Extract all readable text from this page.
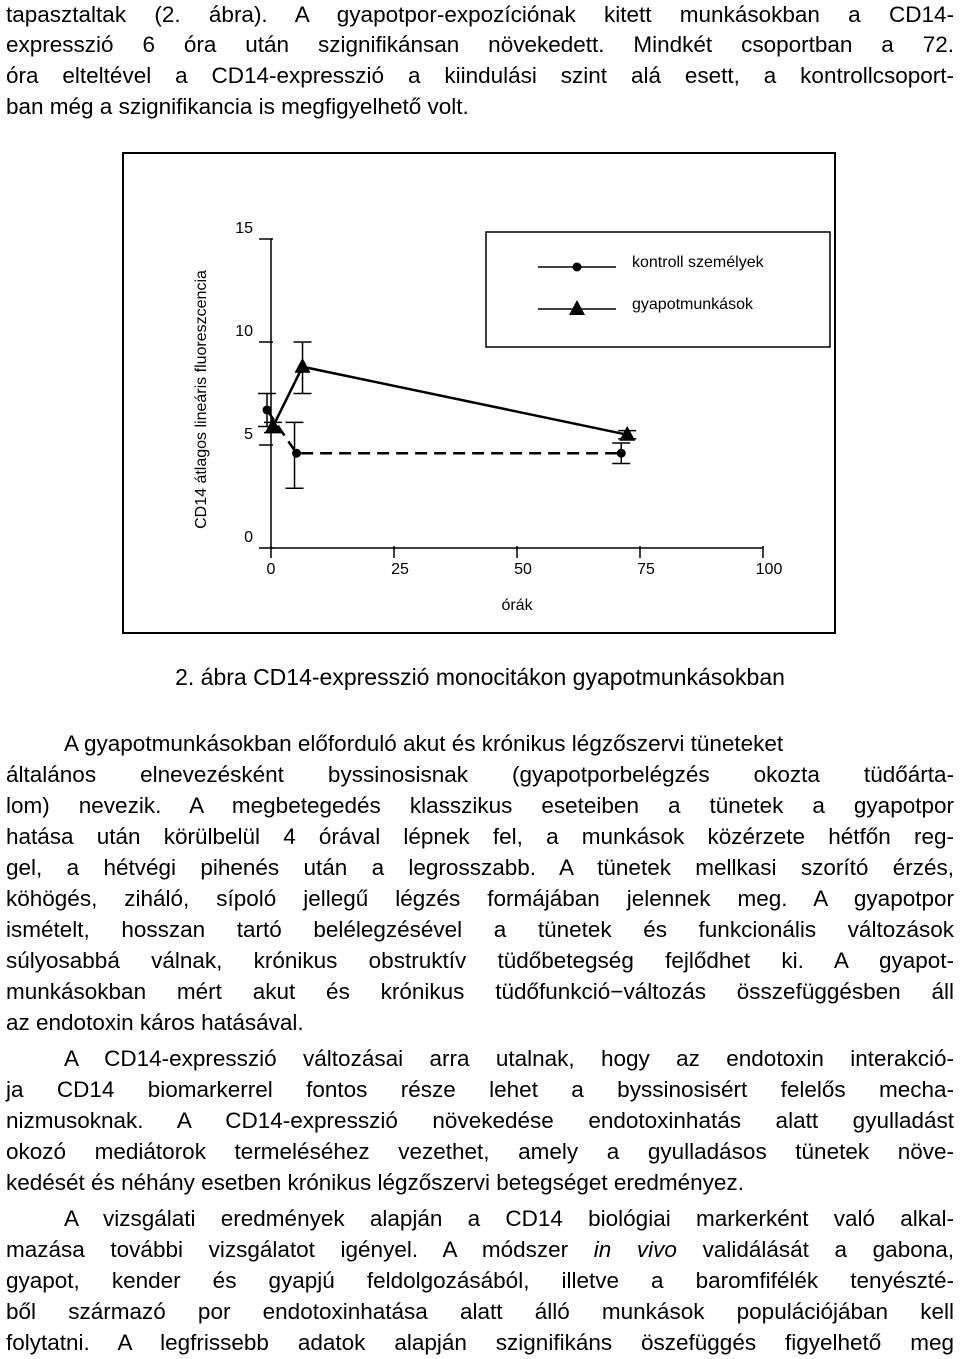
tapasztaltak (2. ábra). A gyapotpor-expozíciónak kitett munkásokban a CD14-
expresszió 6 óra után szignifikánsan növekedett. Mindkét csoportban a 72.
óra elteltével a CD14-expresszió a kiindulási szint alá esett, a kontrollcsoport-
ban még a szignifikancia is megfigyelhető volt.
0
5
10
15
0	25	50	75	100
órák
CD14 átlagos lineáris fluoreszcencia
kontroll személyek
gyapotmunkások
2. ábra CD14-expresszió monocitákon gyapotmunkásokban
A gyapotmunkásokban előforduló akut és krónikus légzőszervi tüneteket
általános elnevezésként byssinosisnak (gyapotporbelégzés okozta tüdőárta-
lom) nevezik. A megbetegedés klasszikus eseteiben a tünetek a gyapotpor
hatása után körülbelül 4 órával lépnek fel, a munkások közérzete hétfőn reg-
gel, a hétvégi pihenés után a legrosszabb. A tünetek mellkasi szorító érzés,
köhögés, ziháló, sípoló jellegű légzés formájában jelennek meg. A gyapotpor
ismételt, hosszan tartó belélegzésével a tünetek és funkcionális változások
súlyosabbá válnak, krónikus obstruktív tüdőbetegség fejlődhet ki. A gyapot-
munkásokban mért akut és krónikus tüdőfunkció−változás összefüggésben áll
az endotoxin káros hatásával.
A CD14-expresszió változásai arra utalnak, hogy az endotoxin interakció-
ja CD14 biomarkerrel fontos része lehet a byssinosisért felelős mecha-
nizmusoknak. A CD14-expresszió növekedése endotoxinhatás alatt gyulladást
okozó mediátorok termeléséhez vezethet, amely a gyulladásos tünetek növe-
kedését és néhány esetben krónikus légzőszervi betegséget eredményez.
A vizsgálati eredmények alapján a CD14 biológiai markerként való alkal-
mazása további vizsgálatot igényel. A módszer in vivo validálását a gabona,
gyapot, kender és gyapjú feldolgozásából, illetve a baromfifélék tenyészté-
ből származó por endotoxinhatása alatt álló munkások populációjában kell
folytatni. A legfrissebb adatok alapján szignifikáns öszefüggés figyelhető meg
